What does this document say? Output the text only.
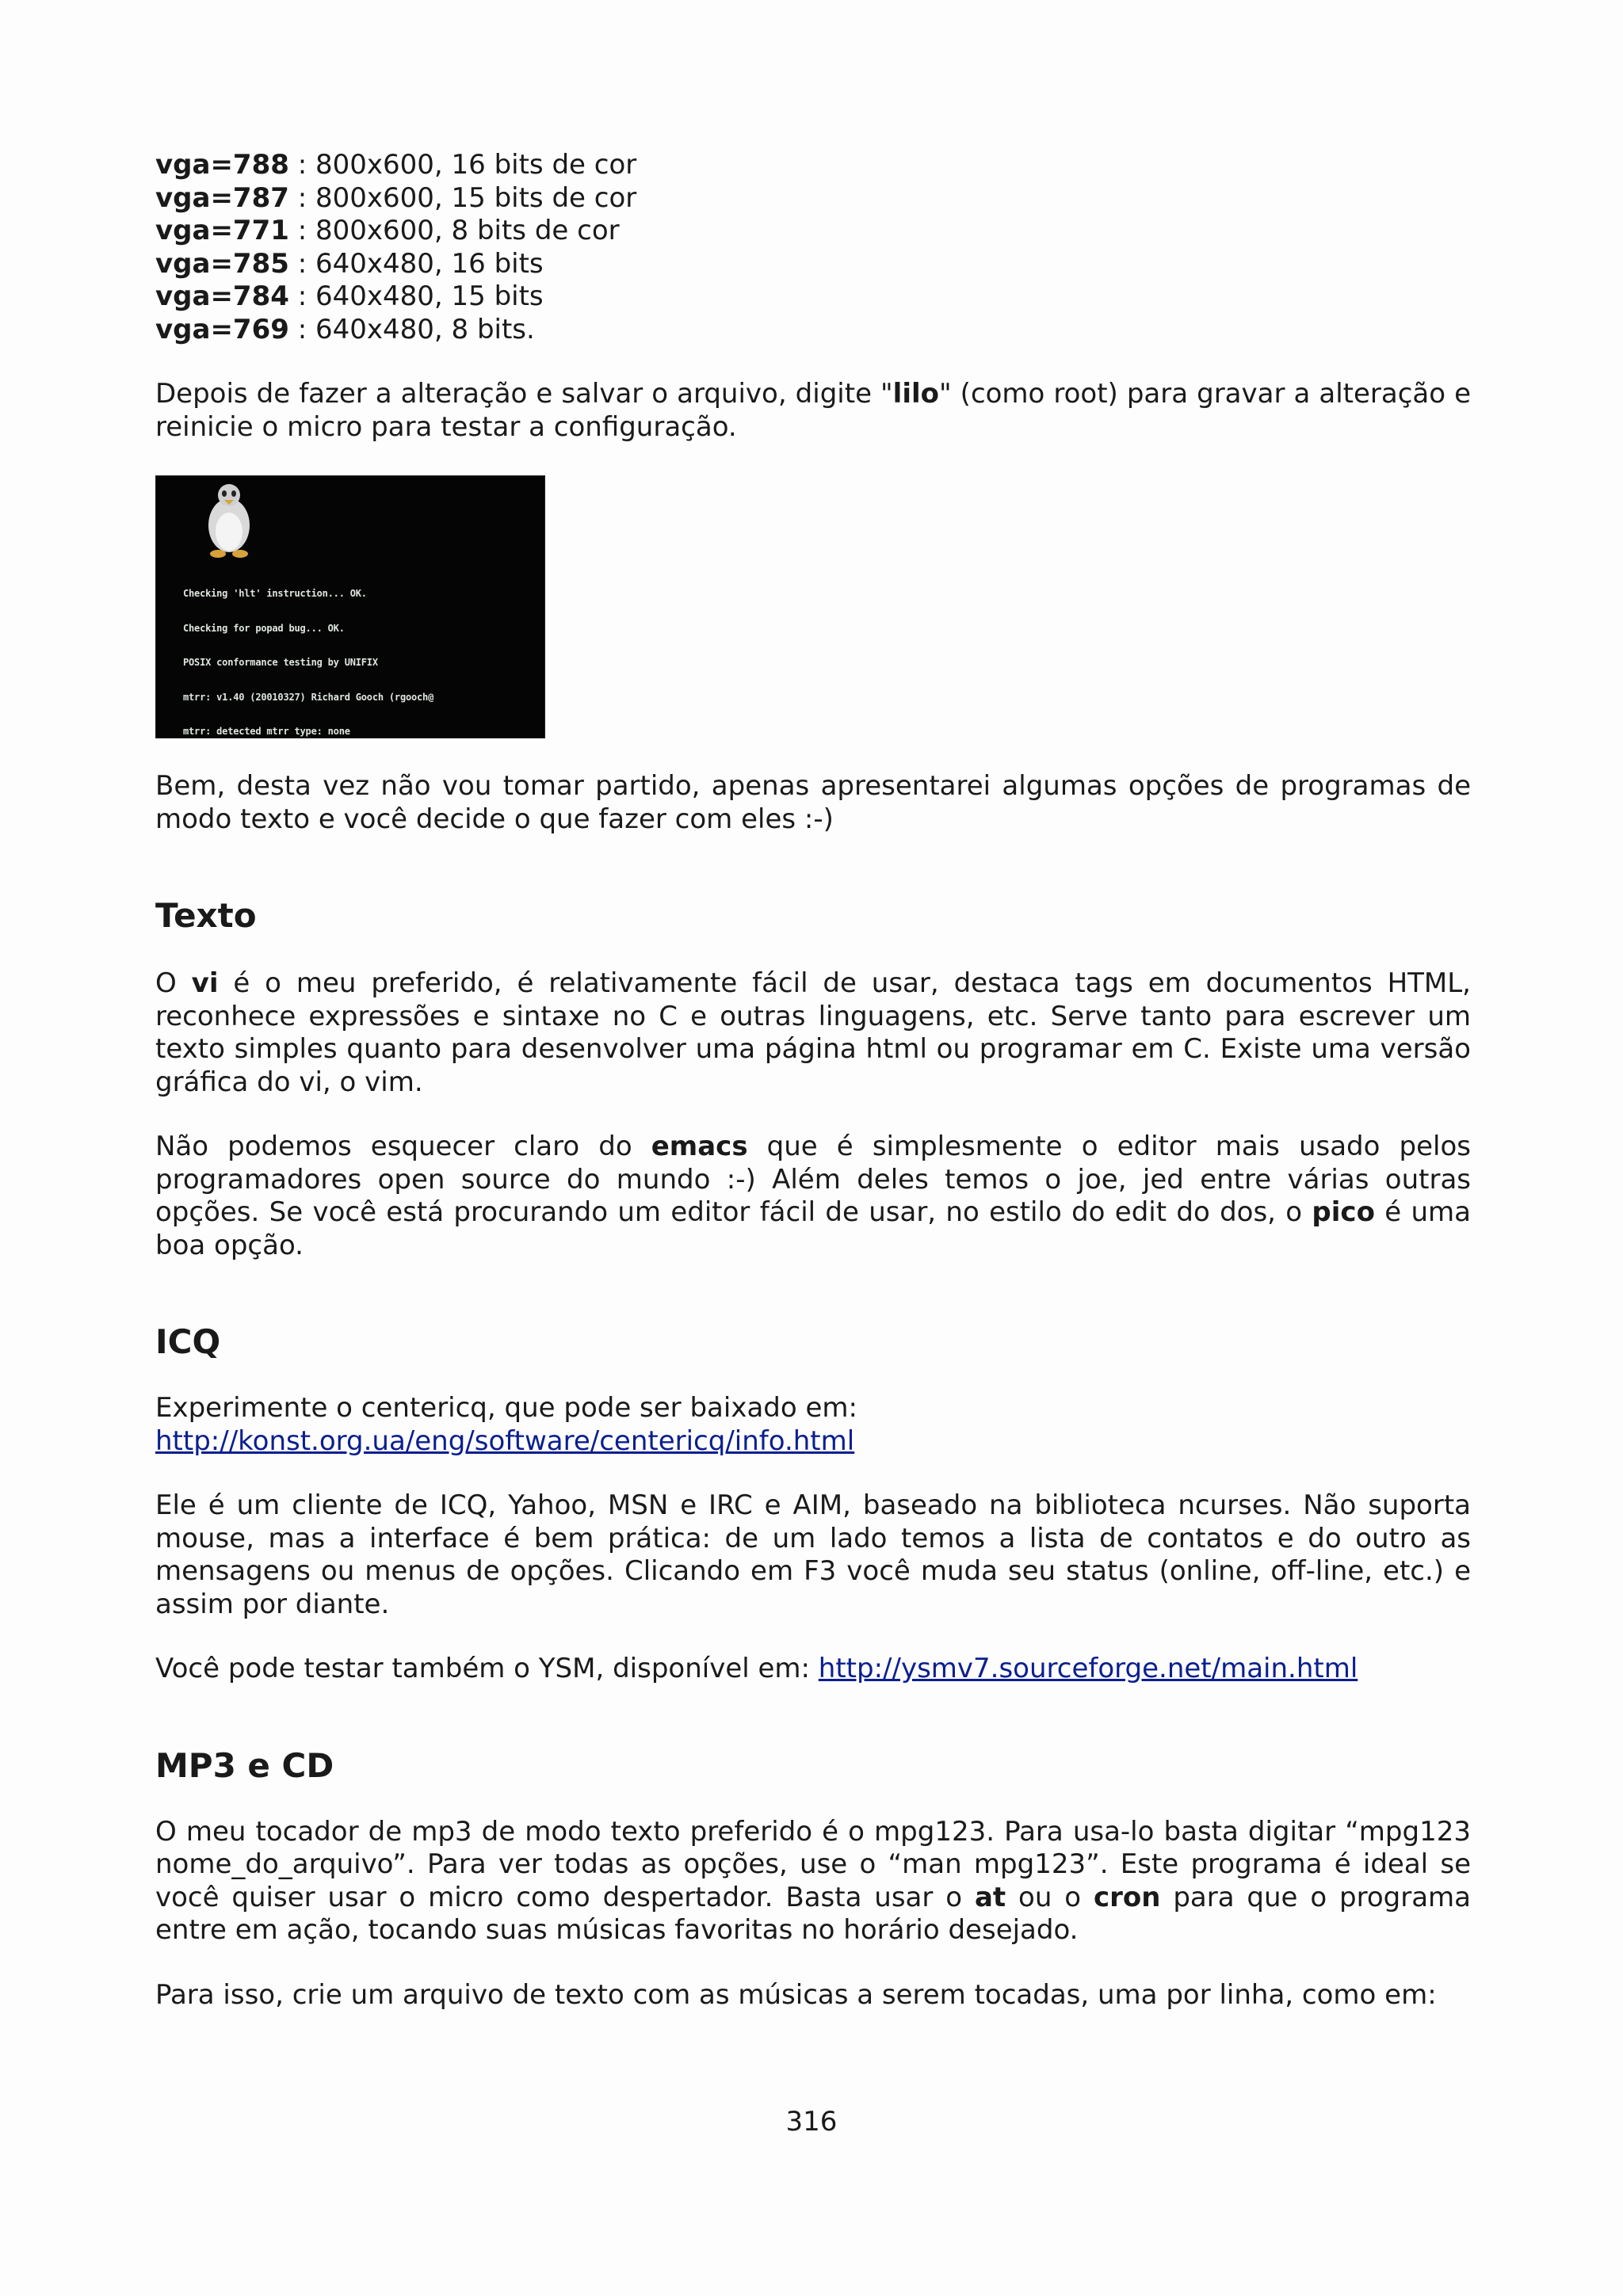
vga=788 : 800x600, 16 bits de cor
vga=787 : 800x600, 15 bits de cor
vga=771 : 800x600, 8 bits de cor
vga=785 : 640x480, 16 bits
vga=784 : 640x480, 15 bits
vga=769 : 640x480, 8 bits.

Depois de fazer a alteração e salvar o arquivo, digite "lilo" (como root) para gravar a alteração e reinicie o micro para testar a configuração.

Checking 'hlt' instruction... OK.

Checking for popad bug... OK.

POSIX conformance testing by UNIFIX

mtrr: v1.40 (20010327) Richard Gooch (rgooch@

mtrr: detected mtrr type: none

Bem, desta vez não vou tomar partido, apenas apresentarei algumas opções de programas de modo texto e você decide o que fazer com eles :-)

Texto

O vi é o meu preferido, é relativamente fácil de usar, destaca tags em documentos HTML, reconhece expressões e sintaxe no C e outras linguagens, etc. Serve tanto para escrever um texto simples quanto para desenvolver uma página html ou programar em C. Existe uma versão gráfica do vi, o vim.

Não podemos esquecer claro do emacs que é simplesmente o editor mais usado pelos programadores open source do mundo :-) Além deles temos o joe, jed entre várias outras opções. Se você está procurando um editor fácil de usar, no estilo do edit do dos, o pico é uma boa opção.

ICQ

Experimente o centericq, que pode ser baixado em:
http://konst.org.ua/eng/software/centericq/info.html

Ele é um cliente de ICQ, Yahoo, MSN e IRC e AIM, baseado na biblioteca ncurses. Não suporta mouse, mas a interface é bem prática: de um lado temos a lista de contatos e do outro as mensagens ou menus de opções. Clicando em F3 você muda seu status (online, off-line, etc.) e assim por diante.

Você pode testar também o YSM, disponível em: http://ysmv7.sourceforge.net/main.html

MP3 e CD

O meu tocador de mp3 de modo texto preferido é o mpg123. Para usa-lo basta digitar “mpg123 nome_do_arquivo”. Para ver todas as opções, use o “man mpg123”. Este programa é ideal se você quiser usar o micro como despertador. Basta usar o at ou o cron para que o programa entre em ação, tocando suas músicas favoritas no horário desejado.

Para isso, crie um arquivo de texto com as músicas a serem tocadas, uma por linha, como em:

316
